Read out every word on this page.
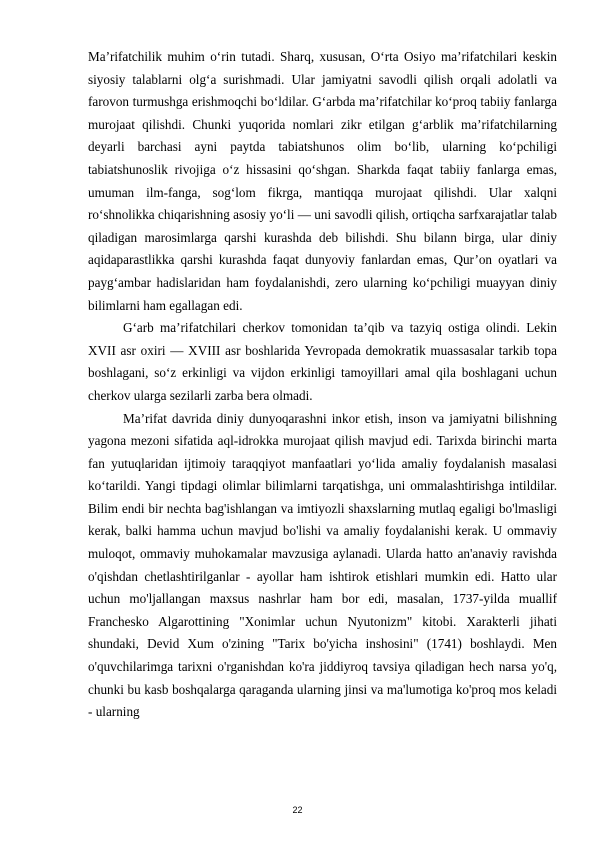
Ma’rifatchilik muhim o‘rin tutadi. Sharq, xususan, O‘rta Osiyo ma’rifatchilari keskin siyosiy talablarni olg‘a surishmadi. Ular jamiyatni savodli qilish orqali adolatli va farovon turmushga erishmoqchi bo‘ldilar. G‘arbda ma’rifatchilar ko‘proq tabiiy fanlarga murojaat qilishdi. Chunki yuqorida nomlari zikr etilgan g‘arblik ma’rifatchilarning deyarli barchasi ayni paytda tabiatshunos olim bo‘lib, ularning ko‘pchiligi tabiatshunoslik rivojiga o‘z hissasini qo‘shgan. Sharkda faqat tabiiy fanlarga emas, umuman ilm-fanga, sog‘lom fikrga, mantiqqa murojaat qilishdi. Ular xalqni ro‘shnolikka chiqarishning asosiy yo‘li — uni savodli qilish, ortiqcha sarfxarajatlar talab qiladigan marosimlarga qarshi kurashda deb bilishdi. Shu bilann birga, ular diniy aqidaparastlikka qarshi kurashda faqat dunyoviy fanlardan emas, Qur’on oyatlari va payg‘ambar hadislaridan ham foydalanishdi, zero ularning ko‘pchiligi muayyan diniy bilimlarni ham egallagan edi.

G‘arb ma’rifatchilari cherkov tomonidan ta’qib va tazyiq ostiga olindi. Lekin XVII asr oxiri — XVIII asr boshlarida Yevropada demokratik muassasalar tarkib topa boshlagani, so‘z erkinligi va vijdon erkinligi tamoyillari amal qila boshlagani uchun cherkov ularga sezilarli zarba bera olmadi.

Ma’rifat davrida diniy dunyoqarashni inkor etish, inson va jamiyatni bilishning yagona mezoni sifatida aql-idrokka murojaat qilish mavjud edi. Tarixda birinchi marta fan yutuqlaridan ijtimoiy taraqqiyot manfaatlari yo‘lida amaliy foydalanish masalasi ko‘tarildi. Yangi tipdagi olimlar bilimlarni tarqatishga, uni ommalashtirishga intildilar. Bilim endi bir nechta bag'ishlangan va imtiyozli shaxslarning mutlaq egaligi bo'lmasligi kerak, balki hamma uchun mavjud bo'lishi va amaliy foydalanishi kerak. U ommaviy muloqot, ommaviy muhokamalar mavzusiga aylanadi. Ularda hatto an'anaviy ravishda o'qishdan chetlashtirilganlar - ayollar ham ishtirok etishlari mumkin edi. Hatto ular uchun mo'ljallangan maxsus nashrlar ham bor edi, masalan, 1737-yilda muallif Franchesko Algarottining "Xonimlar uchun Nyutonizm" kitobi. Xarakterli jihati shundaki, Devid Xum o'zining "Tarix bo'yicha inshosini" (1741) boshlaydi. Men o'quvchilarimga tarixni o'rganishdan ko'ra jiddiyroq tavsiya qiladigan hech narsa yo'q, chunki bu kasb boshqalarga qaraganda ularning jinsi va ma'lumotiga ko'proq mos keladi - ularning

22
